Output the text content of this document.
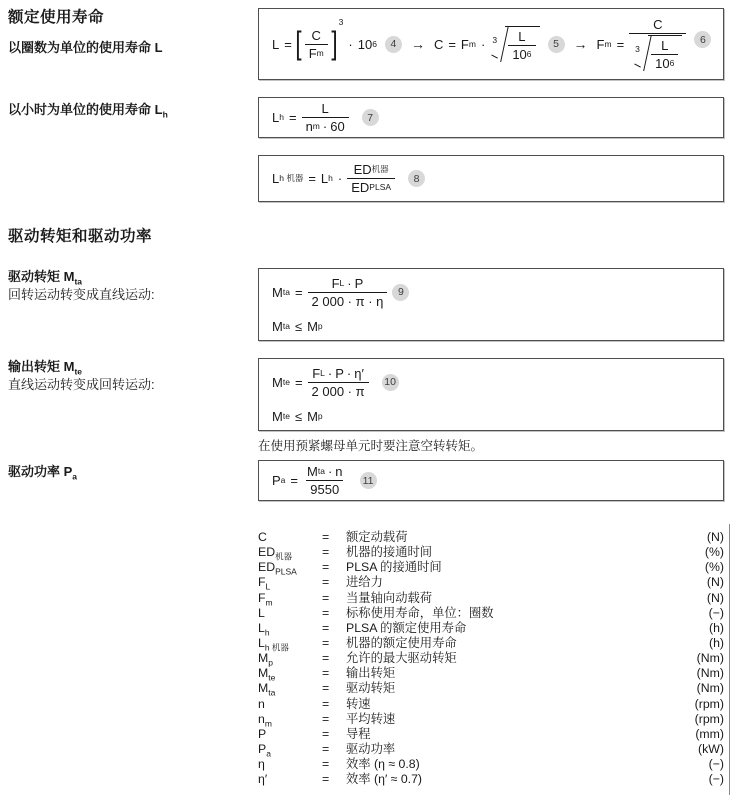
额定使用寿命
以圈数为单位的使用寿命 L
以小时为单位的使用寿命 $L_h$
驱动转矩和驱动功率
驱动转矩 $M_{ta}$
回转运动转变成直线运动:
输出转矩 $M_{te}$
直线运动转变成回转运动:
驱动功率 $P_a$
L = [ $\frac{C}{\text{F m}}$ ]
3
· 10 6	4	→ C = F $m \cdot 3 \frac{L}{10 6}$	5	→ F $m = \frac{C}{3 \frac{L}{10 6}}$	6
L $h = \frac{L}{\text{n m · 60}}$	7
L h 机器 = L $h \cdot \frac{\text{ED 机器}}{\text{ED PLSA}}$	8
M ta = $\frac{\text{F L · P}}{2 000 \cdot \pi \cdot \eta}$	9
M ta ≤ M p
M te = $\frac{\text{F L · P · η′}}{2 000 \cdot \pi} 10$
M te ≤ M p
在使用预紧螺母单元时要注意空转转矩。
P $a = \frac{\text{M ta · n}}{9550} 11$
C	=	额定动载荷	(N)
$ED_{机器}$	=	机器的接通时间	(%)
$ED_{PLSA}$	=	PLSA 的接通时间	(%)
$F_L$	=	进给力	(N)
$F_m$	=	当量轴向动载荷	(N)
L	=	标称使用寿命，单位：圈数	(−)
$L_h$	=	PLSA 的额定使用寿命	(h)
$L_{h 机器}$	=	机器的额定使用寿命	(h)
$M_p$	=	允许的最大驱动转矩	(Nm)
$M_{te}$	=	输出转矩	(Nm)
$M_{ta}$	=	驱动转矩	(Nm)
n	=	转速	(rpm)
$n_m$	=	平均转速	(rpm)
P	=	导程	(mm)
$P_a$	=	驱动功率	(kW)
η	=	效率 (η ≈ 0.8)	(−)
η′	=	效率 (η′ ≈ 0.7)	(−)
